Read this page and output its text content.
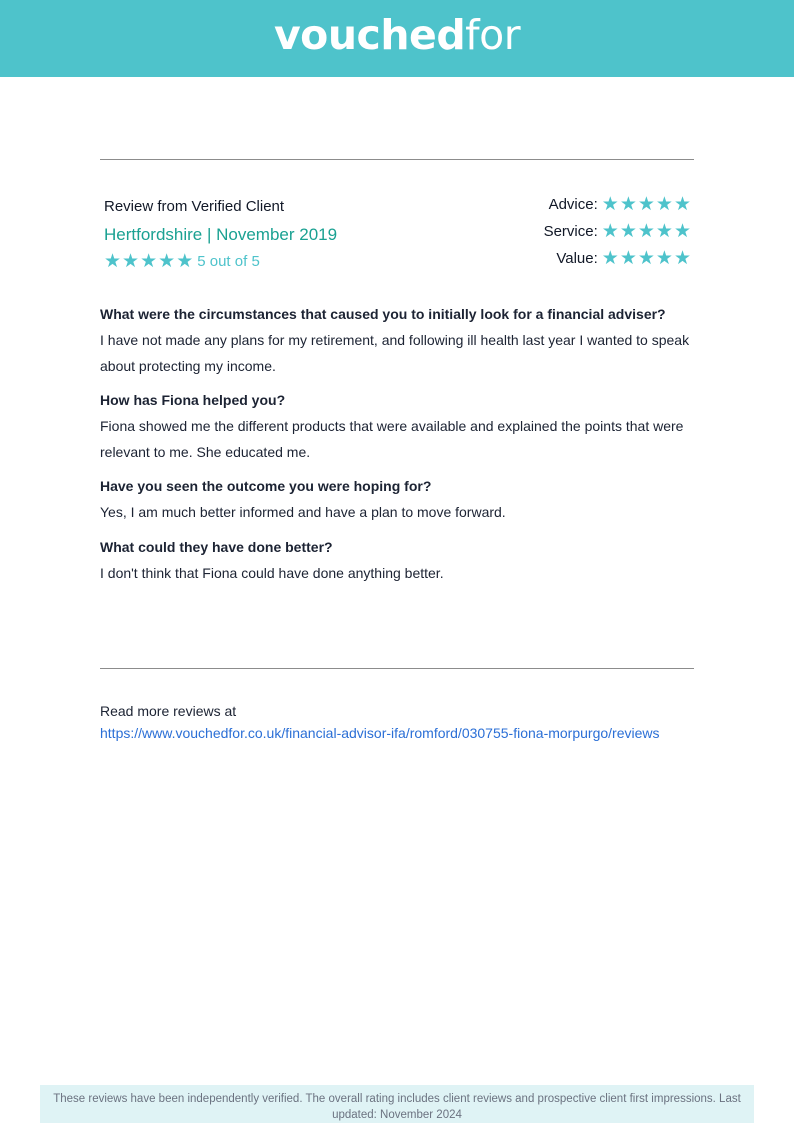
vouchedfor
Review from Verified Client
Hertfordshire | November 2019
★ ★ ★ ★ ★ 5 out of 5
Advice: ★ ★ ★ ★ ★
Service: ★ ★ ★ ★ ★
Value: ★ ★ ★ ★ ★
What were the circumstances that caused you to initially look for a financial adviser?
I have not made any plans for my retirement, and following ill health last year I wanted to speak about protecting my income.
How has Fiona helped you?
Fiona showed me the different products that were available and explained the points that were relevant to me. She educated me.
Have you seen the outcome you were hoping for?
Yes, I am much better informed and have a plan to move forward.
What could they have done better?
I don't think that Fiona could have done anything better.
Read more reviews at
https://www.vouchedfor.co.uk/financial-advisor-ifa/romford/030755-fiona-morpurgo/reviews
These reviews have been independently verified. The overall rating includes client reviews and prospective client first impressions. Last updated: November 2024
